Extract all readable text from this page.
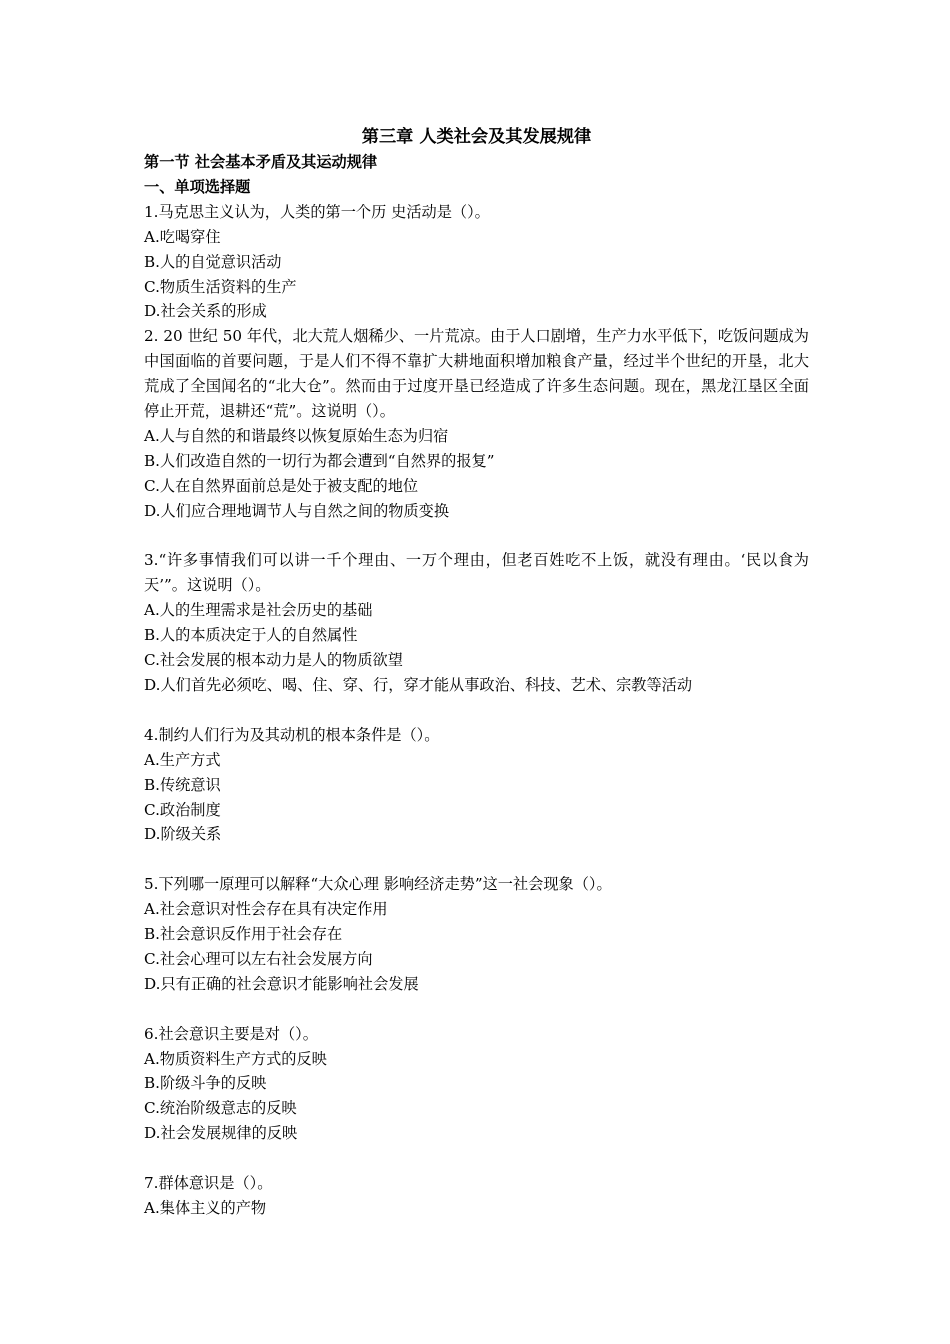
第三章 人类社会及其发展规律
第一节 社会基本矛盾及其运动规律
一、单项选择题
1.马克思主义认为，人类的第一个历 史活动是（）。
A.吃喝穿住
B.人的自觉意识活动
C.物质生活资料的生产
D.社会关系的形成
2. 20 世纪 50 年代，北大荒人烟稀少、一片荒凉。由于人口剧增，生产力水平低下，吃饭问题成为中国面临的首要问题，于是人们不得不靠扩大耕地面积增加粮食产量，经过半个世纪的开垦，北大荒成了全国闻名的“北大仓”。然而由于过度开垦已经造成了许多生态问题。现在，黑龙江垦区全面停止开荒，退耕还“荒”。这说明（）。
A.人与自然的和谐最终以恢复原始生态为归宿
B.人们改造自然的一切行为都会遭到“自然界的报复”
C.人在自然界面前总是处于被支配的地位
D.人们应合理地调节人与自然之间的物质变换
3.“许多事情我们可以讲一千个理由、一万个理由，但老百姓吃不上饭，就没有理由。‘民以食为天’”。这说明（）。
A.人的生理需求是社会历史的基础
B.人的本质决定于人的自然属性
C.社会发展的根本动力是人的物质欲望
D.人们首先必须吃、喝、住、穿、行，穿才能从事政治、科技、艺术、宗教等活动
4.制约人们行为及其动机的根本条件是（）。
A.生产方式
B.传统意识
C.政治制度
D.阶级关系
5.下列哪一原理可以解释“大众心理 影响经济走势”这一社会现象（）。
A.社会意识对性会存在具有决定作用
B.社会意识反作用于社会存在
C.社会心理可以左右社会发展方向
D.只有正确的社会意识才能影响社会发展
6.社会意识主要是对（）。
A.物质资料生产方式的反映
B.阶级斗争的反映
C.统治阶级意志的反映
D.社会发展规律的反映
7.群体意识是（）。
A.集体主义的产物
